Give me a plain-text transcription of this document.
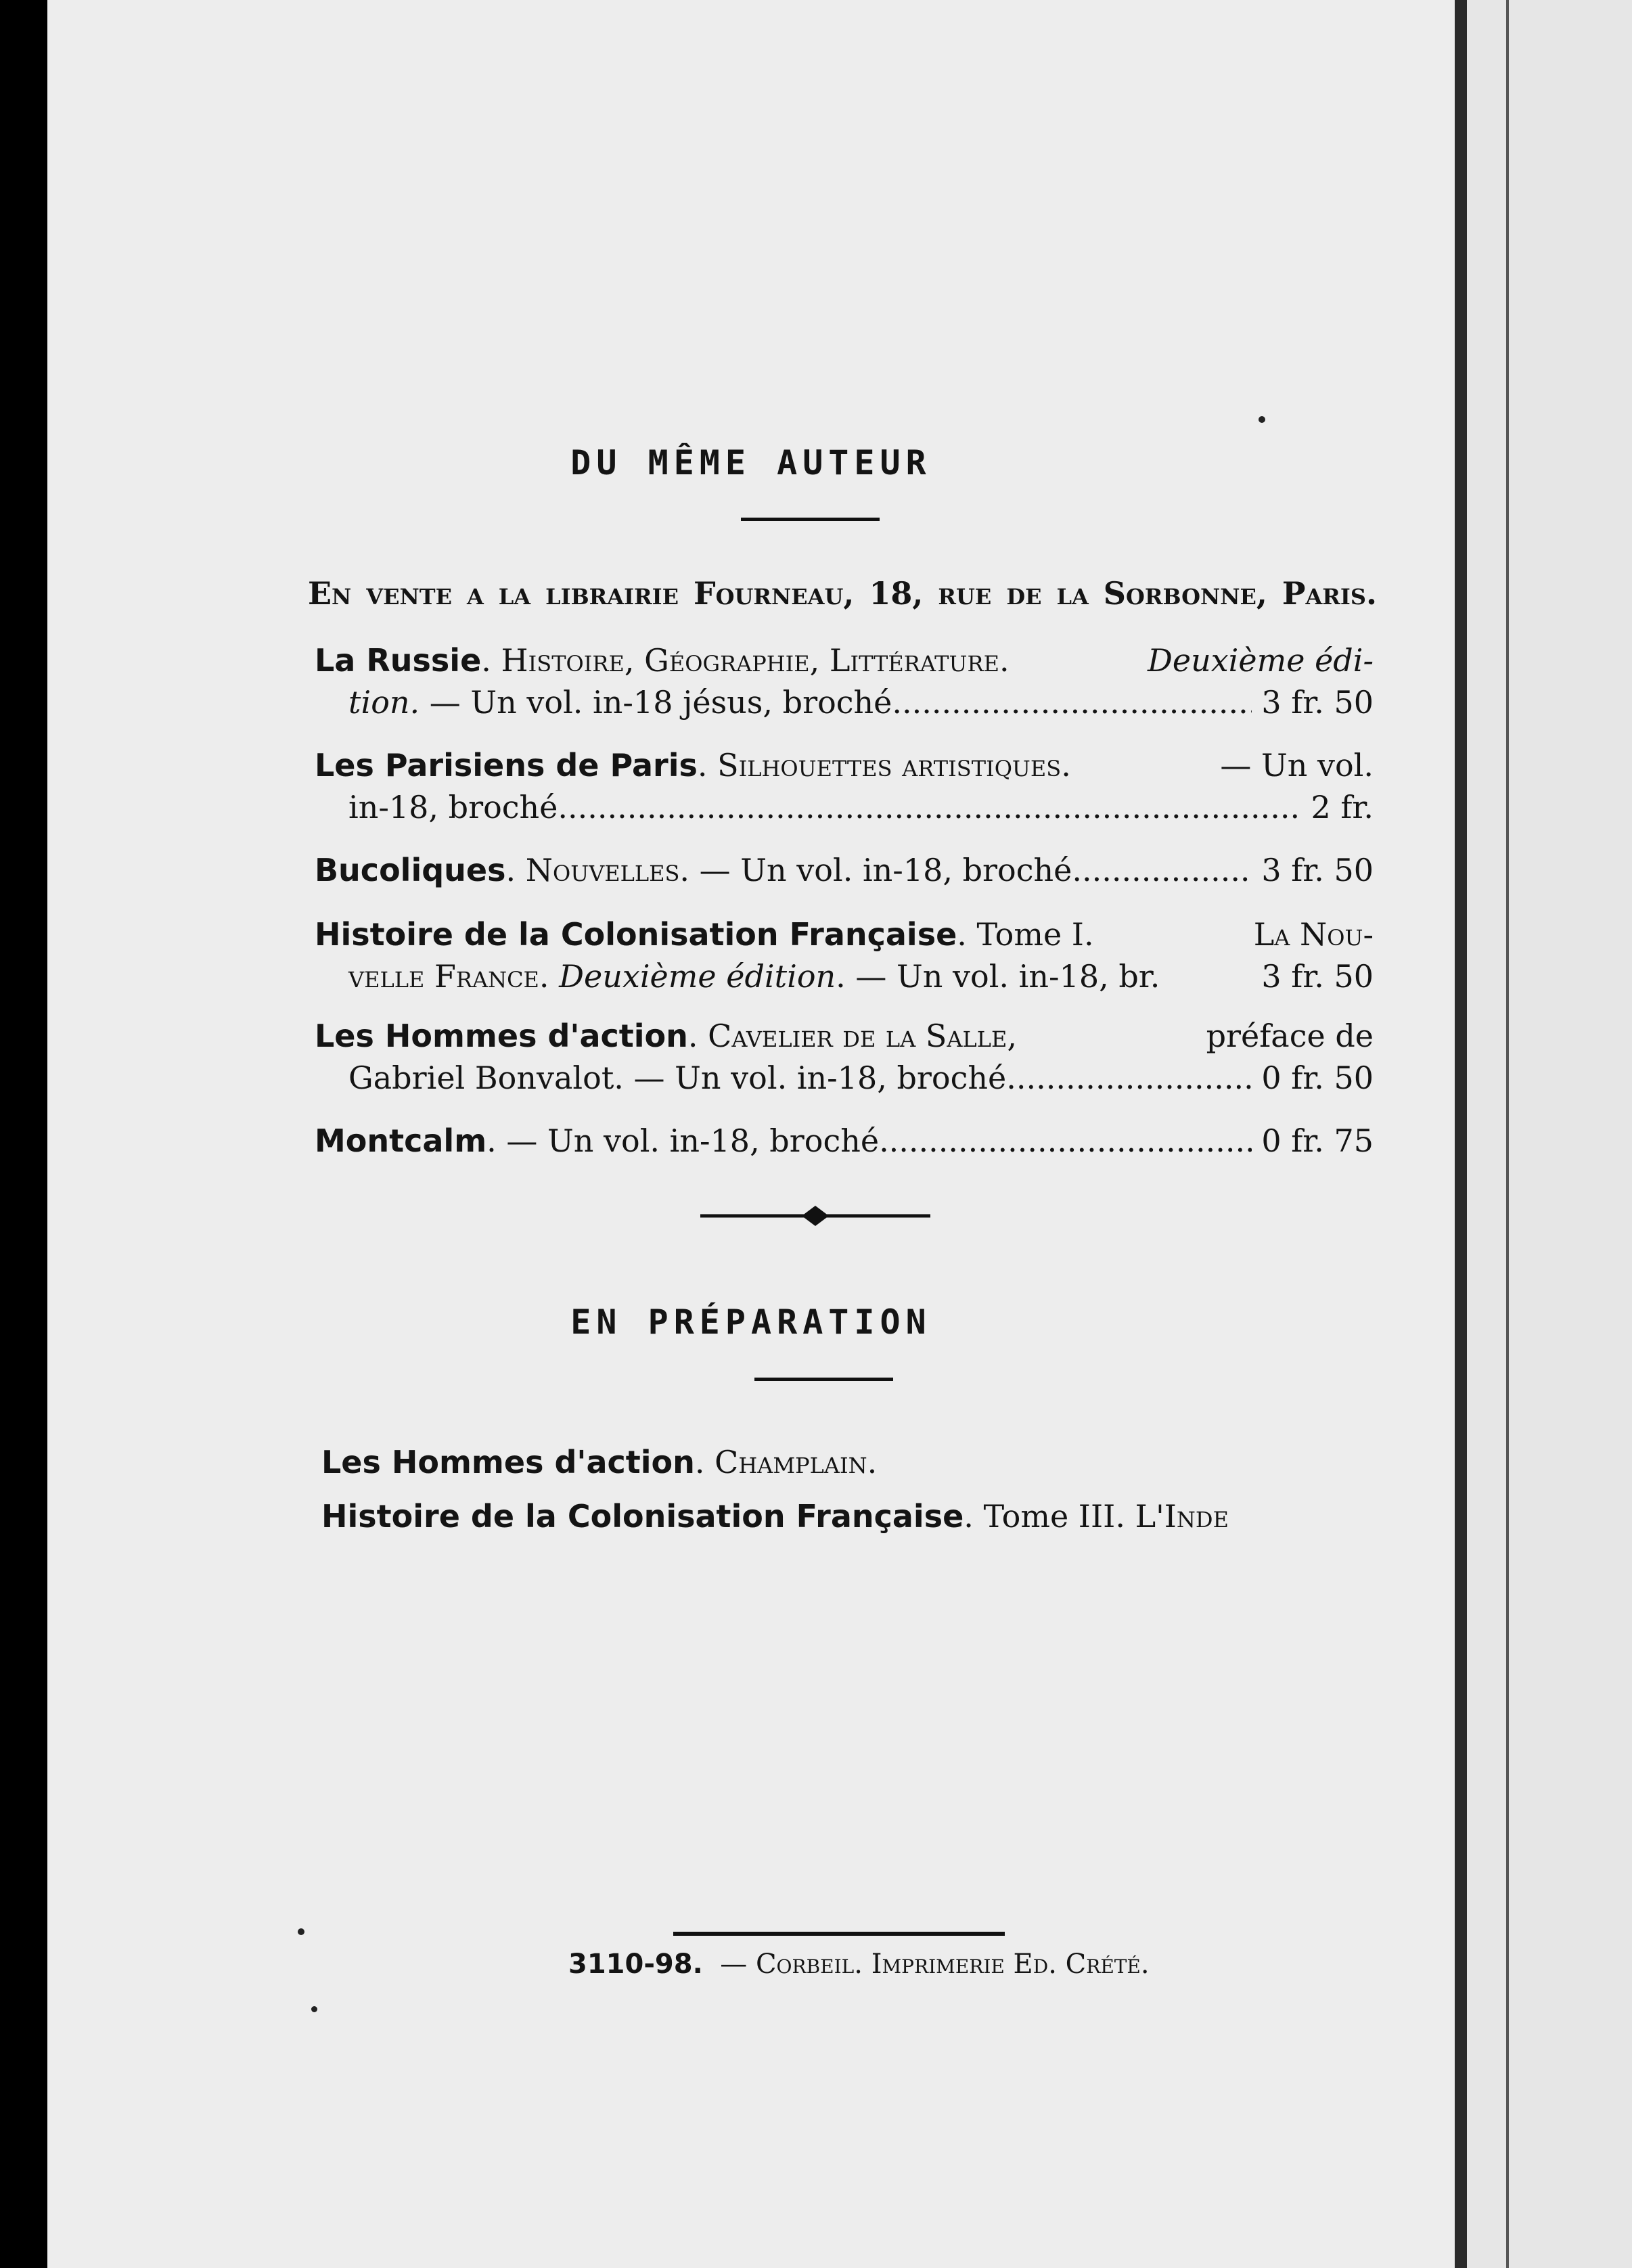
DU MÊME AUTEUR
En vente a la librairie Fourneau, 18, rue de la Sorbonne, Paris.
La Russie . Histoire, Géographie, Littérature .	Deuxième édi-
tion.
— Un vol. in-18 jésus, broché .....	3 fr. 50
Les Parisiens de Paris . Silhouettes artistiques .	— Un vol.
in-18, broché .....	2 fr.
Bucoliques . Nouvelles . — Un vol. in-18, broché .....	3 fr. 50
Histoire de la Colonisation Française . Tome I.
	La Nou-
velle France . Deuxième édition . — Un vol. in-18, br.	3 fr. 50
Les Hommes d'action . Cavelier de la Salle ,	préface de
Gabriel Bonvalot. — Un vol. in-18, broché .....	0 fr. 50
Montcalm . — Un vol. in-18, broché .....	0 fr. 75
EN PRÉPARATION
Les Hommes d'action . Champlain.
Histoire de la Colonisation Française . Tome III.
L'Inde
3110-98. — Corbeil. Imprimerie Ed. Crété.
